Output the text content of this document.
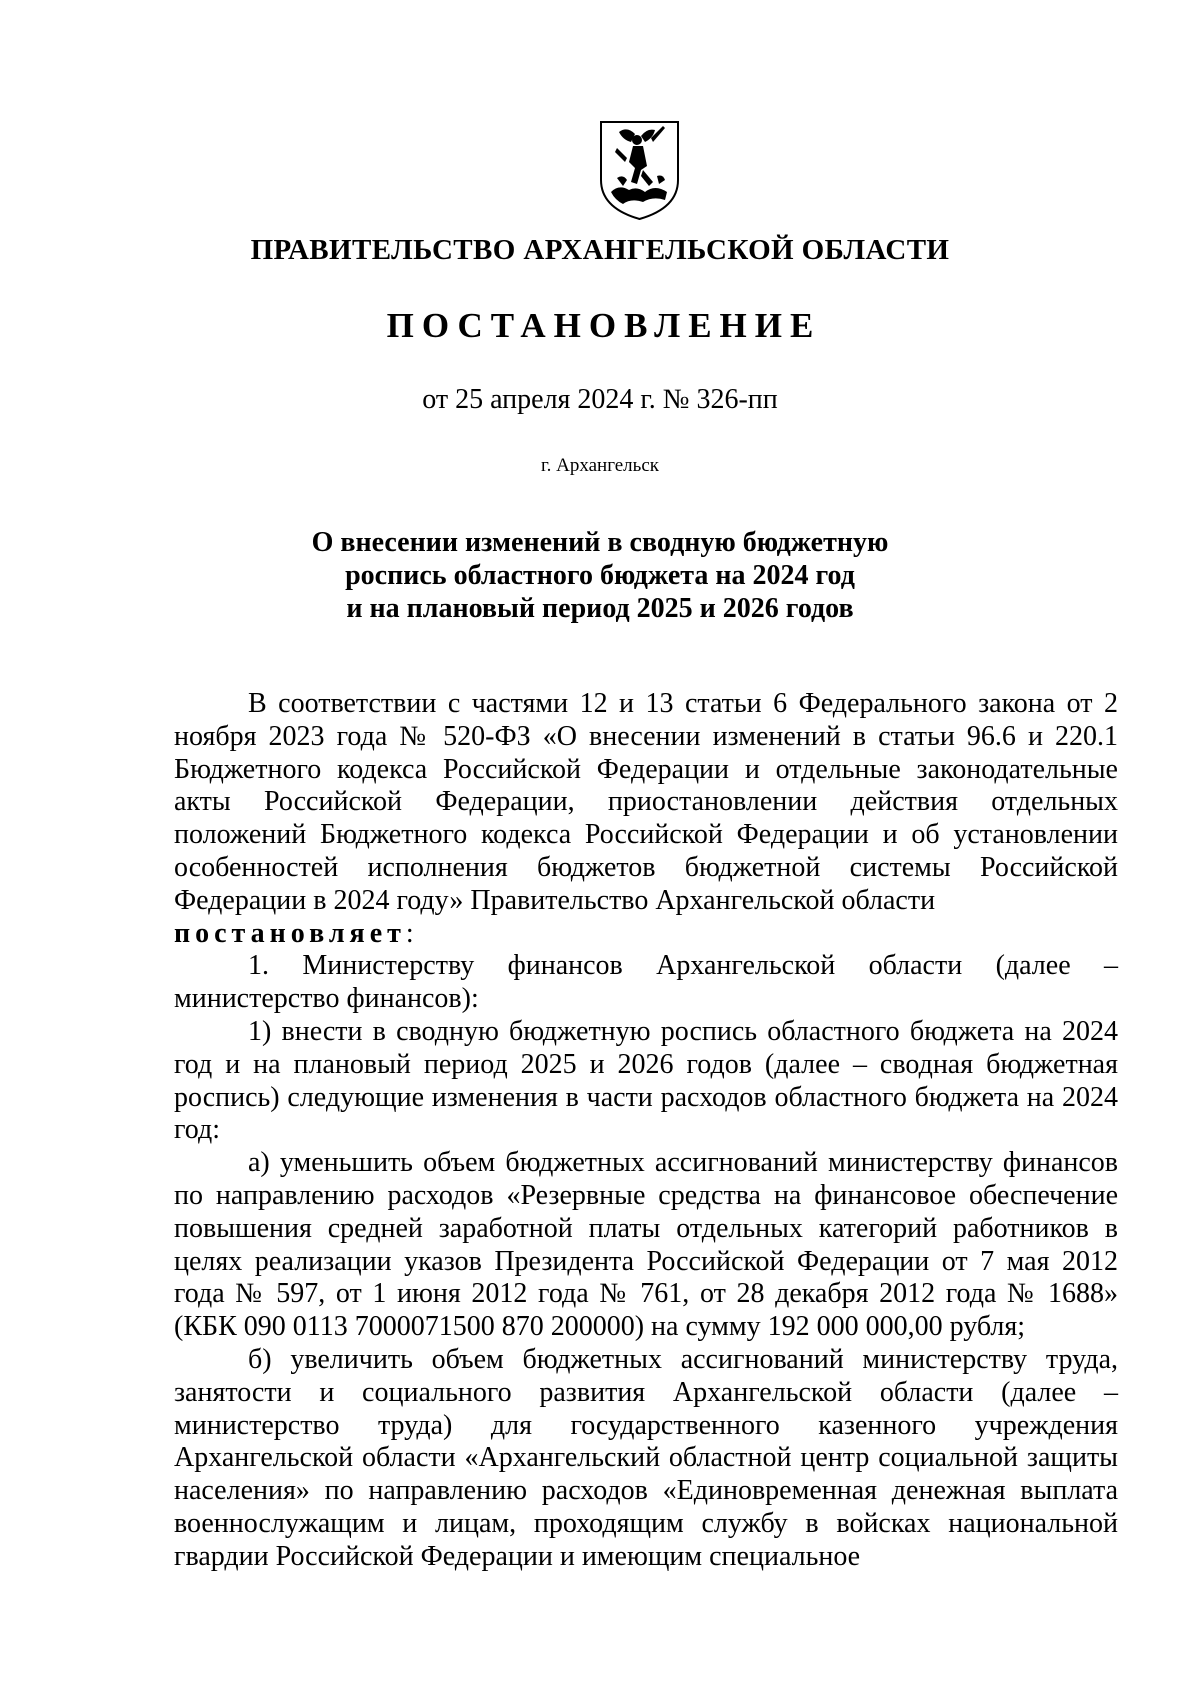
ПРАВИТЕЛЬСТВО АРХАНГЕЛЬСКОЙ ОБЛАСТИ
ПОСТАНОВЛЕНИЕ
от 25 апреля 2024 г. № 326-пп
г. Архангельск
О внесении изменений в сводную бюджетную
роспись областного бюджета на 2024 год
и на плановый период 2025 и 2026 годов

В соответствии с частями 12 и 13 статьи 6 Федерального закона от 2 ноября 2023 года № 520-ФЗ «О внесении изменений в статьи 96.6 и 220.1 Бюджетного кодекса Российской Федерации и отдельные законодательные акты Российской Федерации, приостановлении действия отдельных положений Бюджетного кодекса Российской Федерации и об установлении особенностей исполнения бюджетов бюджетной системы Российской Федерации в 2024 году» Правительство Архангельской области

постановляет:

1. Министерству финансов Архангельской области (далее – министерство финансов):

1) внести в сводную бюджетную роспись областного бюджета на 2024 год и на плановый период 2025 и 2026 годов (далее – сводная бюджетная роспись) следующие изменения в части расходов областного бюджета на 2024 год:

а) уменьшить объем бюджетных ассигнований министерству финансов по направлению расходов «Резервные средства на финансовое обеспечение повышения средней заработной платы отдельных категорий работников в целях реализации указов Президента Российской Федерации от 7 мая 2012 года № 597, от 1 июня 2012 года № 761, от 28 декабря 2012 года № 1688» (КБК 090 0113 7000071500 870 200000) на сумму 192 000 000,00 рубля;

б) увеличить объем бюджетных ассигнований министерству труда, занятости и социального развития Архангельской области (далее – министерство труда) для государственного казенного учреждения Архангельской области «Архангельский областной центр социальной защиты населения» по направлению расходов «Единовременная денежная выплата военнослужащим и лицам, проходящим службу в войсках национальной гвардии Российской Федерации и имеющим специальное
